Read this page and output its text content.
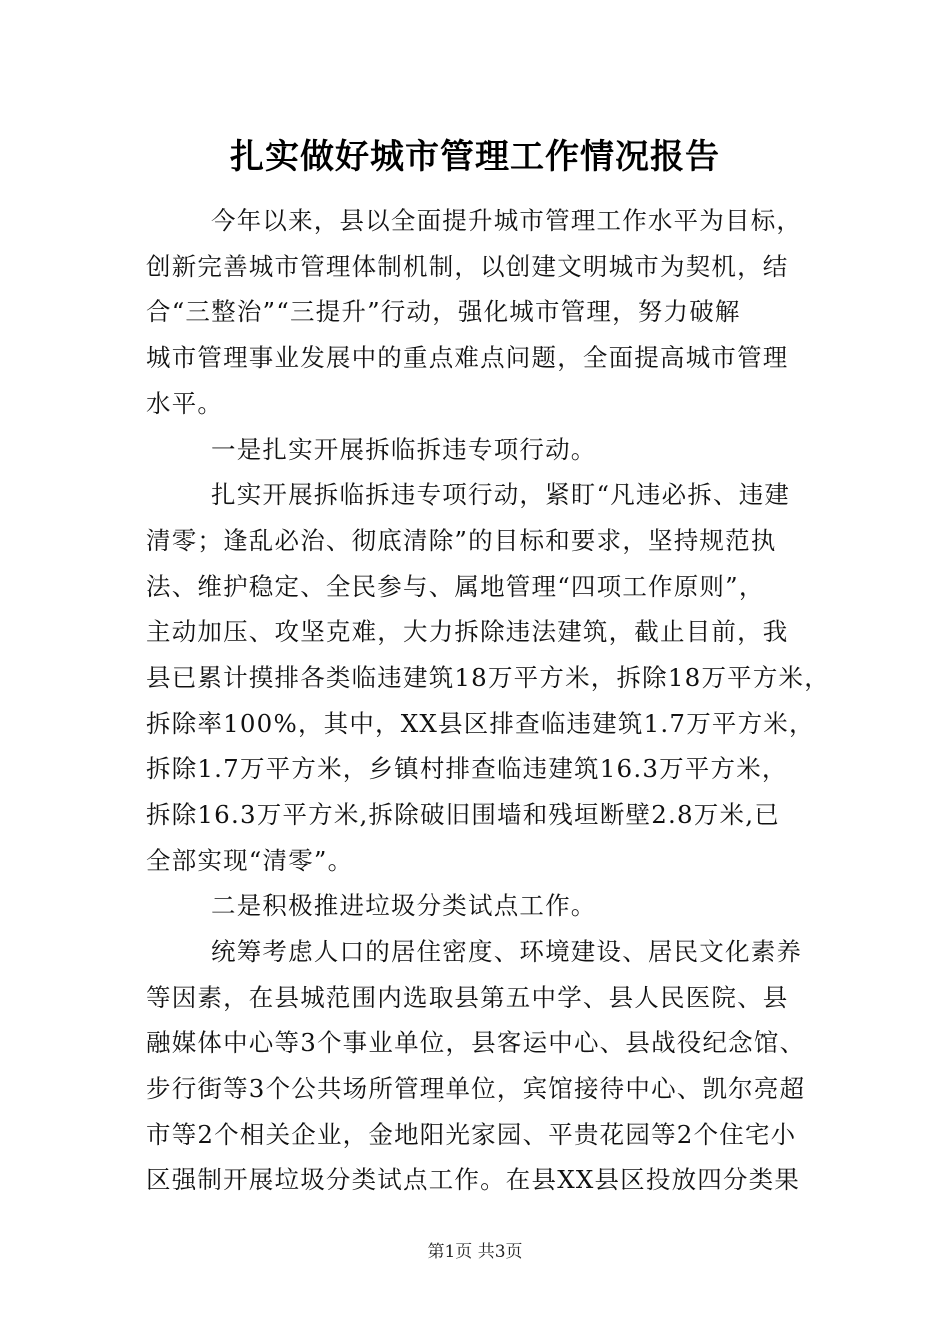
扎实做好城市管理工作情况报告
今年以来，县以全面提升城市管理工作水平为目标，
创新完善城市管理体制机制，以创建文明城市为契机，结
合“三整治”“三提升”行动，强化城市管理，努力破解
城市管理事业发展中的重点难点问题，全面提高城市管理
水平。
一是扎实开展拆临拆违专项行动。
扎实开展拆临拆违专项行动，紧盯“凡违必拆、违建
清零；逢乱必治、彻底清除”的目标和要求，坚持规范执
法、维护稳定、全民参与、属地管理“四项工作原则”，
主动加压、攻坚克难，大力拆除违法建筑，截止目前，我
县已累计摸排各类临违建筑18万平方米，拆除18万平方米，
拆除率100%，其中，XX县区排查临违建筑1.7万平方米，
拆除1.7万平方米，乡镇村排查临违建筑16.3万平方米，
拆除16.3万平方米,拆除破旧围墙和残垣断壁2.8万米,已
全部实现“清零”。
二是积极推进垃圾分类试点工作。
统筹考虑人口的居住密度、环境建设、居民文化素养
等因素，在县城范围内选取县第五中学、县人民医院、县
融媒体中心等3个事业单位，县客运中心、县战役纪念馆、
步行街等3个公共场所管理单位，宾馆接待中心、凯尔亮超
市等2个相关企业，金地阳光家园、平贵花园等2个住宅小
区强制开展垃圾分类试点工作。在县XX县区投放四分类果
第1页 共3页
